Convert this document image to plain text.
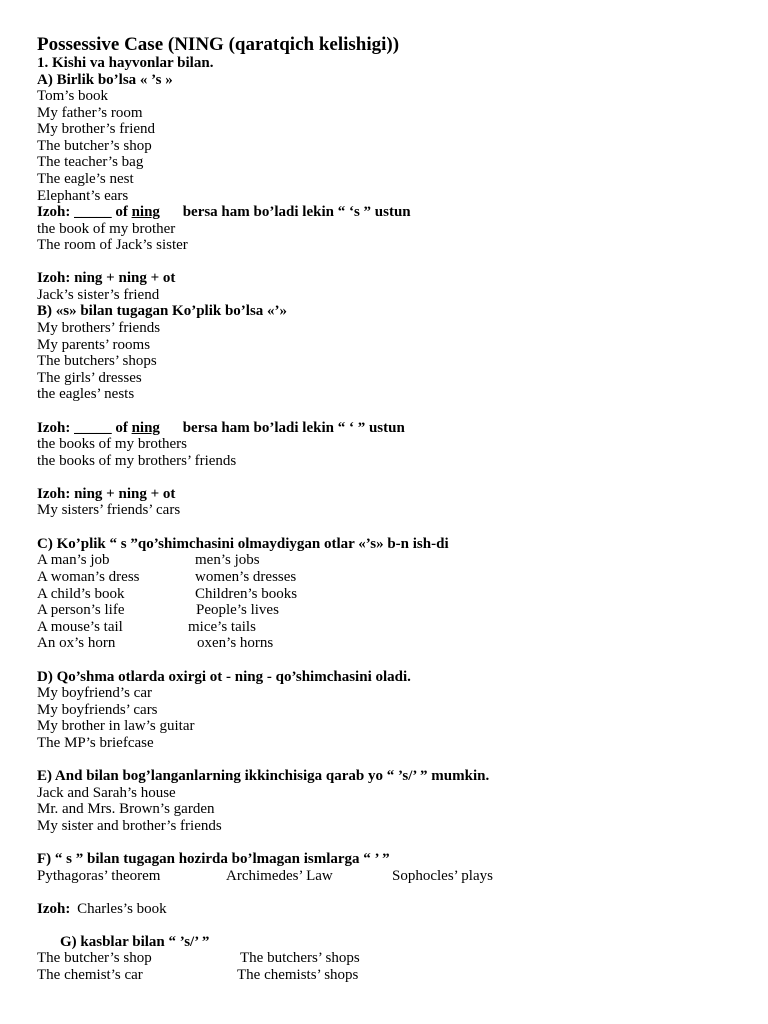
Possessive Case (NING (qaratqich kelishigi))
1. Kishi va hayvonlar bilan.
A) Birlik bo’lsa « ’s »
Tom’s book
My father’s room
My brother’s friend
The butcher’s shop
The teacher’s bag
The eagle’s nest
Elephant’s ears
Izoh: _____ of ning bersa ham bo’ladi lekin “ ‘s ” ustun
the book of my brother
The room of Jack’s sister
Izoh: ning + ning + ot
Jack’s sister’s friend
B) «s» bilan tugagan Ko’plik bo’lsa «’»
My brothers’ friends
My parents’ rooms
The butchers’ shops
The girls’ dresses
the eagles’ nests
Izoh: _____ of ning bersa ham bo’ladi lekin “ ‘ ” ustun
the books of my brothers
the books of my brothers’ friends
Izoh: ning + ning + ot
My sisters’ friends’ cars
C) Ko’plik “ s ”qo’shimchasini olmaydiygan otlar «’s» b-n ish-di
A man’s job	men’s jobs
A woman’s dress	women’s dresses
A child’s book	Children’s books
A person’s life	People’s lives
A mouse’s tail	mice’s tails
An ox’s horn	oxen’s horns
D) Qo’shma otlarda oxirgi ot - ning - qo’shimchasini oladi.
My boyfriend’s car
My boyfriends’ cars
My brother in law’s guitar
The MP’s briefcase
E) And bilan bog’langanlarning ikkinchisiga qarab yo “ ’s/’ ” mumkin.
Jack and Sarah’s house
Mr. and Mrs. Brown’s garden
My sister and brother’s friends
F) “ s ” bilan tugagan hozirda bo’lmagan ismlarga “ ’ ”
Pythagoras’ theorem	Archimedes’ Law	Sophocles’ plays
Izoh: Charles’s book
G) kasblar bilan “ ’s/’ ”
The butcher’s shop	The butchers’ shops
The chemist’s car	The chemists’ shops
